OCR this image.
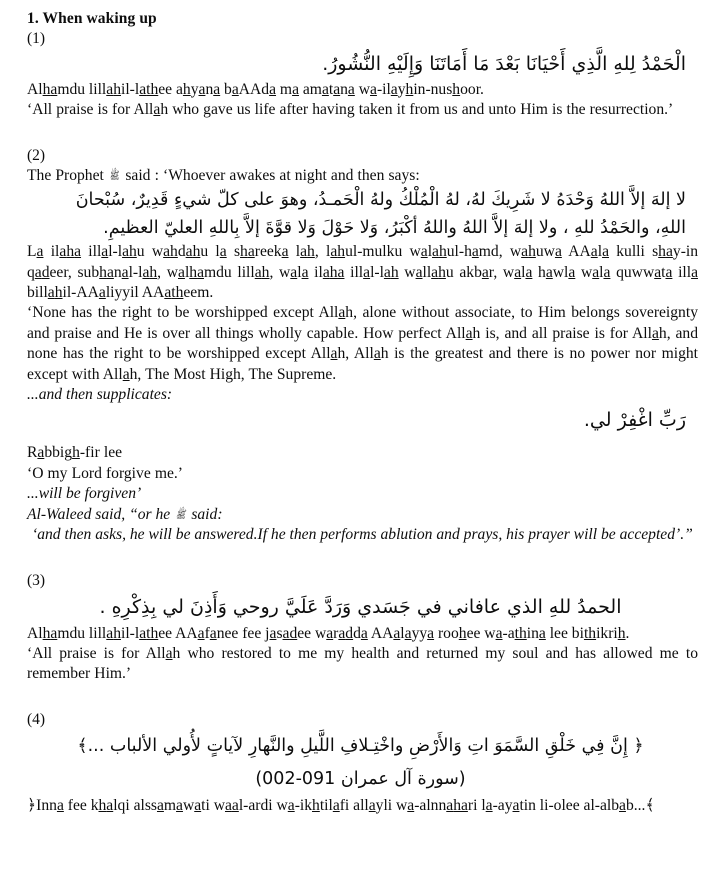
1. When waking up

(1)

الْحَمْدُ لِلهِ الَّذِي أَحْيَانَا بَعْدَ مَا أَمَاتَنَا وَإِلَيْهِ النُّشُورُ.

Alhamdu lillahil-lathee ahyana baAAda ma amatana wa-ilayhin-nushoor.

‘All praise is for Allah who gave us life after having taken it from us and unto Him is the resurrection.’

(2)

The Prophet ﷺ said : ‘Whoever awakes at night and then says:

لا إلهَ إلاَّ اللهُ وَحْدَهُ لا شَرِيكَ لهُ، لهُ الْمُلْكُ ولهُ الْحَمـدُ، وهوَ على كلّ شيءٍ قَدِيرٌ، سُبْحانَ

اللهِ، والحَمْدُ للهِ ، ولا إلهَ إلاَّ اللهُ واللهُ أكْبَرُ، وَلا حَوْلَ وَلا قوَّةَ إلاَّ بِاللهِ العليّ العظيمِ.

La ilaha illal-lahu wahdahu la shareeka lah, lahul-mulku walahul-hamd, wahuwa AAala kulli shay-in qadeer, subhanal-lah, walhamdu lillah, wala ilaha illal-lah wallahu akbar, wala hawla wala quwwata illa billahil-AAaliyyil AAatheem.

‘None has the right to be worshipped except Allah, alone without associate, to Him belongs sovereignty and praise and He is over all things wholly capable. How perfect Allah is, and all praise is for Allah, and none has the right to be worshipped except Allah, Allah is the greatest and there is no power nor might except with Allah, The Most High, The Supreme.

...and then supplicates:

رَبِّ اغْفِرْ لي.

Rabbigh-fir lee

‘O my Lord forgive me.’

...will be forgiven’

Al-Waleed said, “or he ﷺ said:

‘and then asks, he will be answered.If he then performs ablution and prays, his prayer will be accepted’.”

(3)

الحمدُ للهِ الذي عافاني في جَسَدي وَرَدَّ عَلَيَّ روحي وَأَذِنَ لي بِذِكْرِهِ .

Alhamdu lillahil-lathee AAafanee fee jasadee waradda AAalayya roohee wa-athina lee bithikrih.

‘All praise is for Allah who restored to me my health and returned my soul and has allowed me to remember Him.’

(4)

﴿ إِنَّ فِي خَلْقِ السَّمَوَ اتِ وَالأَرْضِ واخْتِـلافِ اللَّيلِ والنَّهارِ لآياتٍ لأُولي الألباب ...﴾

(سورة آل عمران 190-200)

﴿Inna fee khalqi alssamawati waal-ardi wa-ikhtilafi allayli wa-alnnahari la-ayatin li-olee al-albab...﴾
